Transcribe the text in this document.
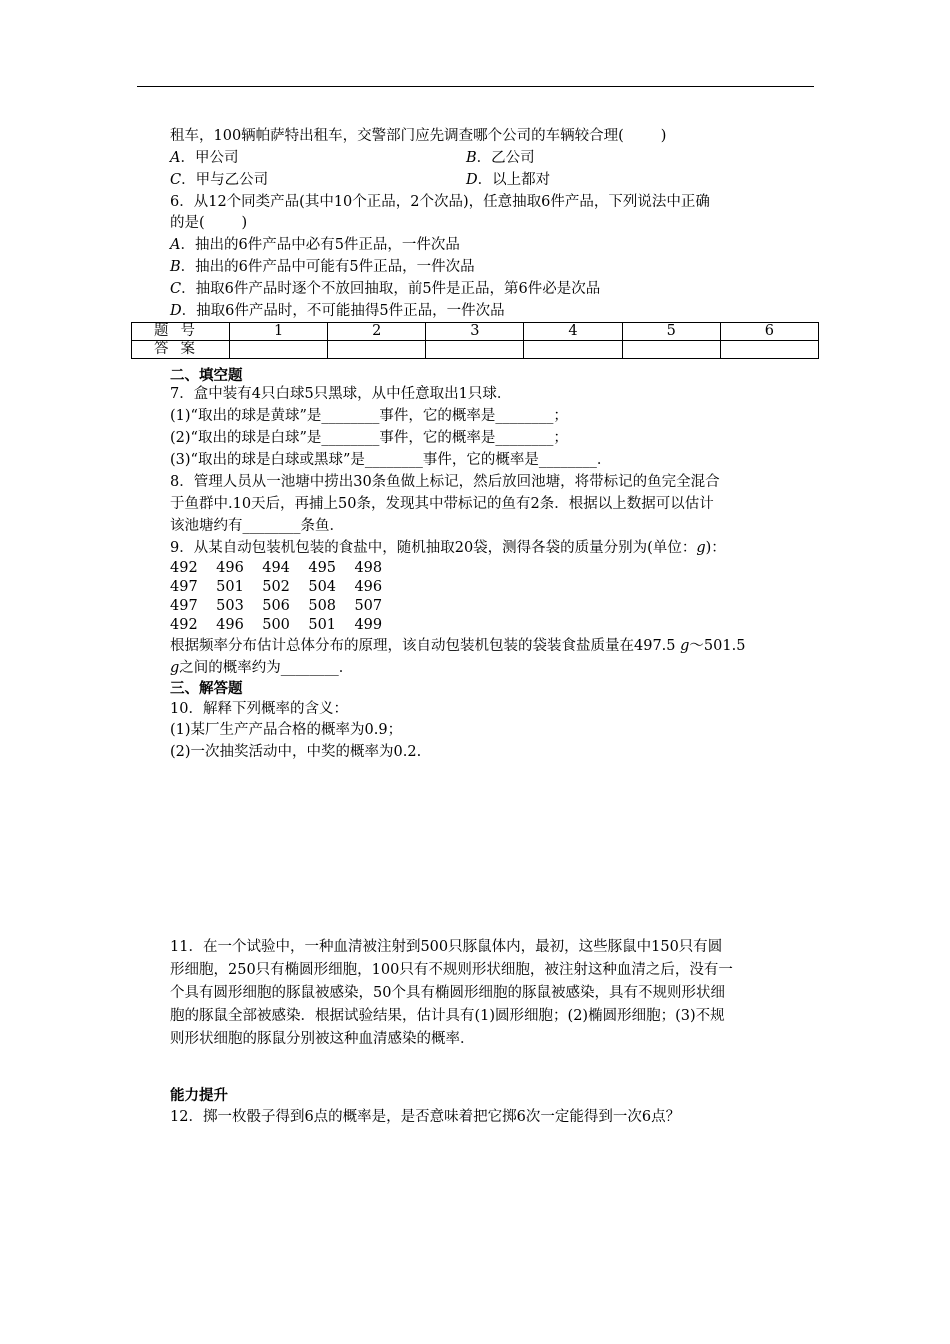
租车，100辆帕萨特出租车，交警部门应先调查哪个公司的车辆较合理(        )
A．甲公司	B．乙公司
C．甲与乙公司	D．以上都对
6．从12个同类产品(其中10个正品，2个次品)，任意抽取6件产品，下列说法中正确
的是(        )
A．抽出的6件产品中必有5件正品，一件次品
B．抽出的6件产品中可能有5件正品，一件次品
C．抽取6件产品时逐个不放回抽取，前5件是正品，第6件必是次品
D．抽取6件产品时，不可能抽得5件正品，一件次品
题号	1	2	3	4	5	6
答案						
二、填空题
7．盒中装有4只白球5只黑球，从中任意取出1只球．
(1)“取出的球是黄球”是________事件，它的概率是________；
(2)“取出的球是白球”是________事件，它的概率是________；
(3)“取出的球是白球或黑球”是________事件，它的概率是________．
8．管理人员从一池塘中捞出30条鱼做上标记，然后放回池塘，将带标记的鱼完全混合
于鱼群中.10天后，再捕上50条，发现其中带标记的鱼有2条．根据以上数据可以估计
该池塘约有________条鱼．
9．从某自动包装机包装的食盐中，随机抽取20袋，测得各袋的质量分别为(单位：g)：
492    496    494    495    498
497    501    502    504    496
497    503    506    508    507
492    496    500    501    499
根据频率分布估计总体分布的原理，该自动包装机包装的袋装食盐质量在497.5 g～501.5
g之间的概率约为________．
三、解答题
10．解释下列概率的含义：
(1)某厂生产产品合格的概率为0.9；
(2)一次抽奖活动中，中奖的概率为0.2.
11．在一个试验中，一种血清被注射到500只豚鼠体内，最初，这些豚鼠中150只有圆
形细胞，250只有椭圆形细胞，100只有不规则形状细胞，被注射这种血清之后，没有一
个具有圆形细胞的豚鼠被感染，50个具有椭圆形细胞的豚鼠被感染，具有不规则形状细
胞的豚鼠全部被感染．根据试验结果，估计具有(1)圆形细胞；(2)椭圆形细胞；(3)不规
则形状细胞的豚鼠分别被这种血清感染的概率．
能力提升
12．掷一枚骰子得到6点的概率是，是否意味着把它掷6次一定能得到一次6点？
